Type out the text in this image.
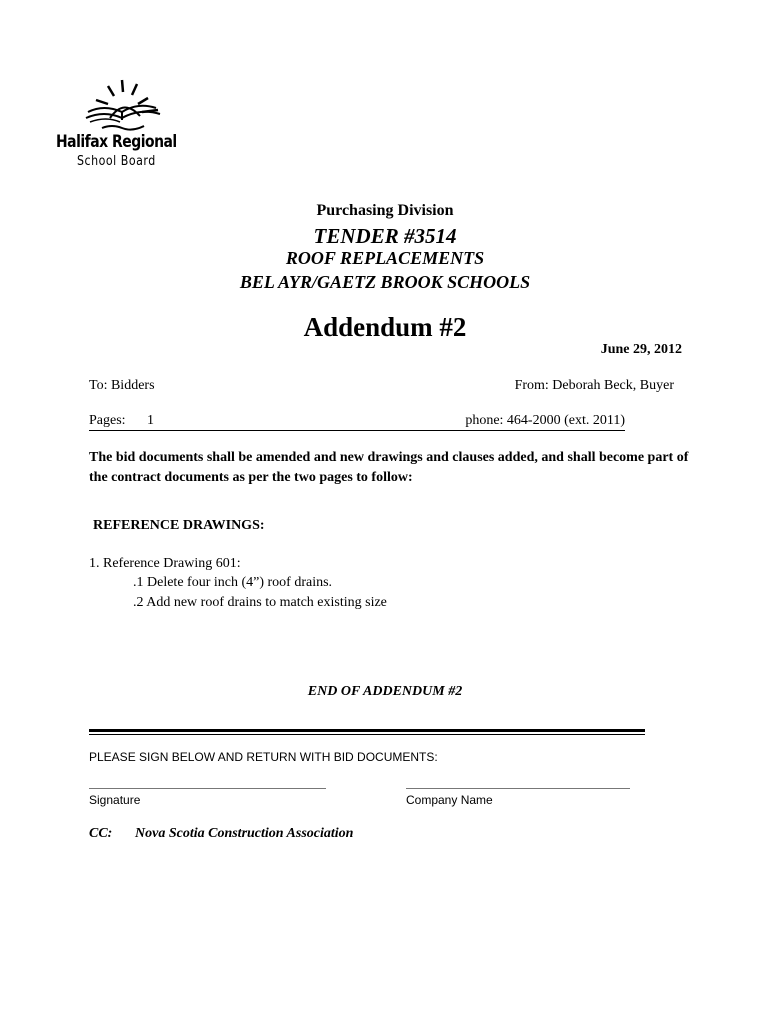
Halifax Regional
School Board
Purchasing Division
TENDER #3514
ROOF REPLACEMENTS
BEL AYR/GAETZ BROOK SCHOOLS
Addendum #2
June 29, 2012
To: Bidders	From: Deborah Beck, Buyer
Pages: 1	phone: 464-2000 (ext. 2011)
The bid documents shall be amended and new drawings and clauses added, and shall become part of the contract documents as per the two pages to follow:
REFERENCE DRAWINGS:
1. Reference Drawing 601:
.1 Delete four inch (4”) roof drains.
.2 Add new roof drains to match existing size
END OF ADDENDUM #2
PLEASE SIGN BELOW AND RETURN WITH BID DOCUMENTS:
Signature	Company Name
CC: Nova Scotia Construction Association
